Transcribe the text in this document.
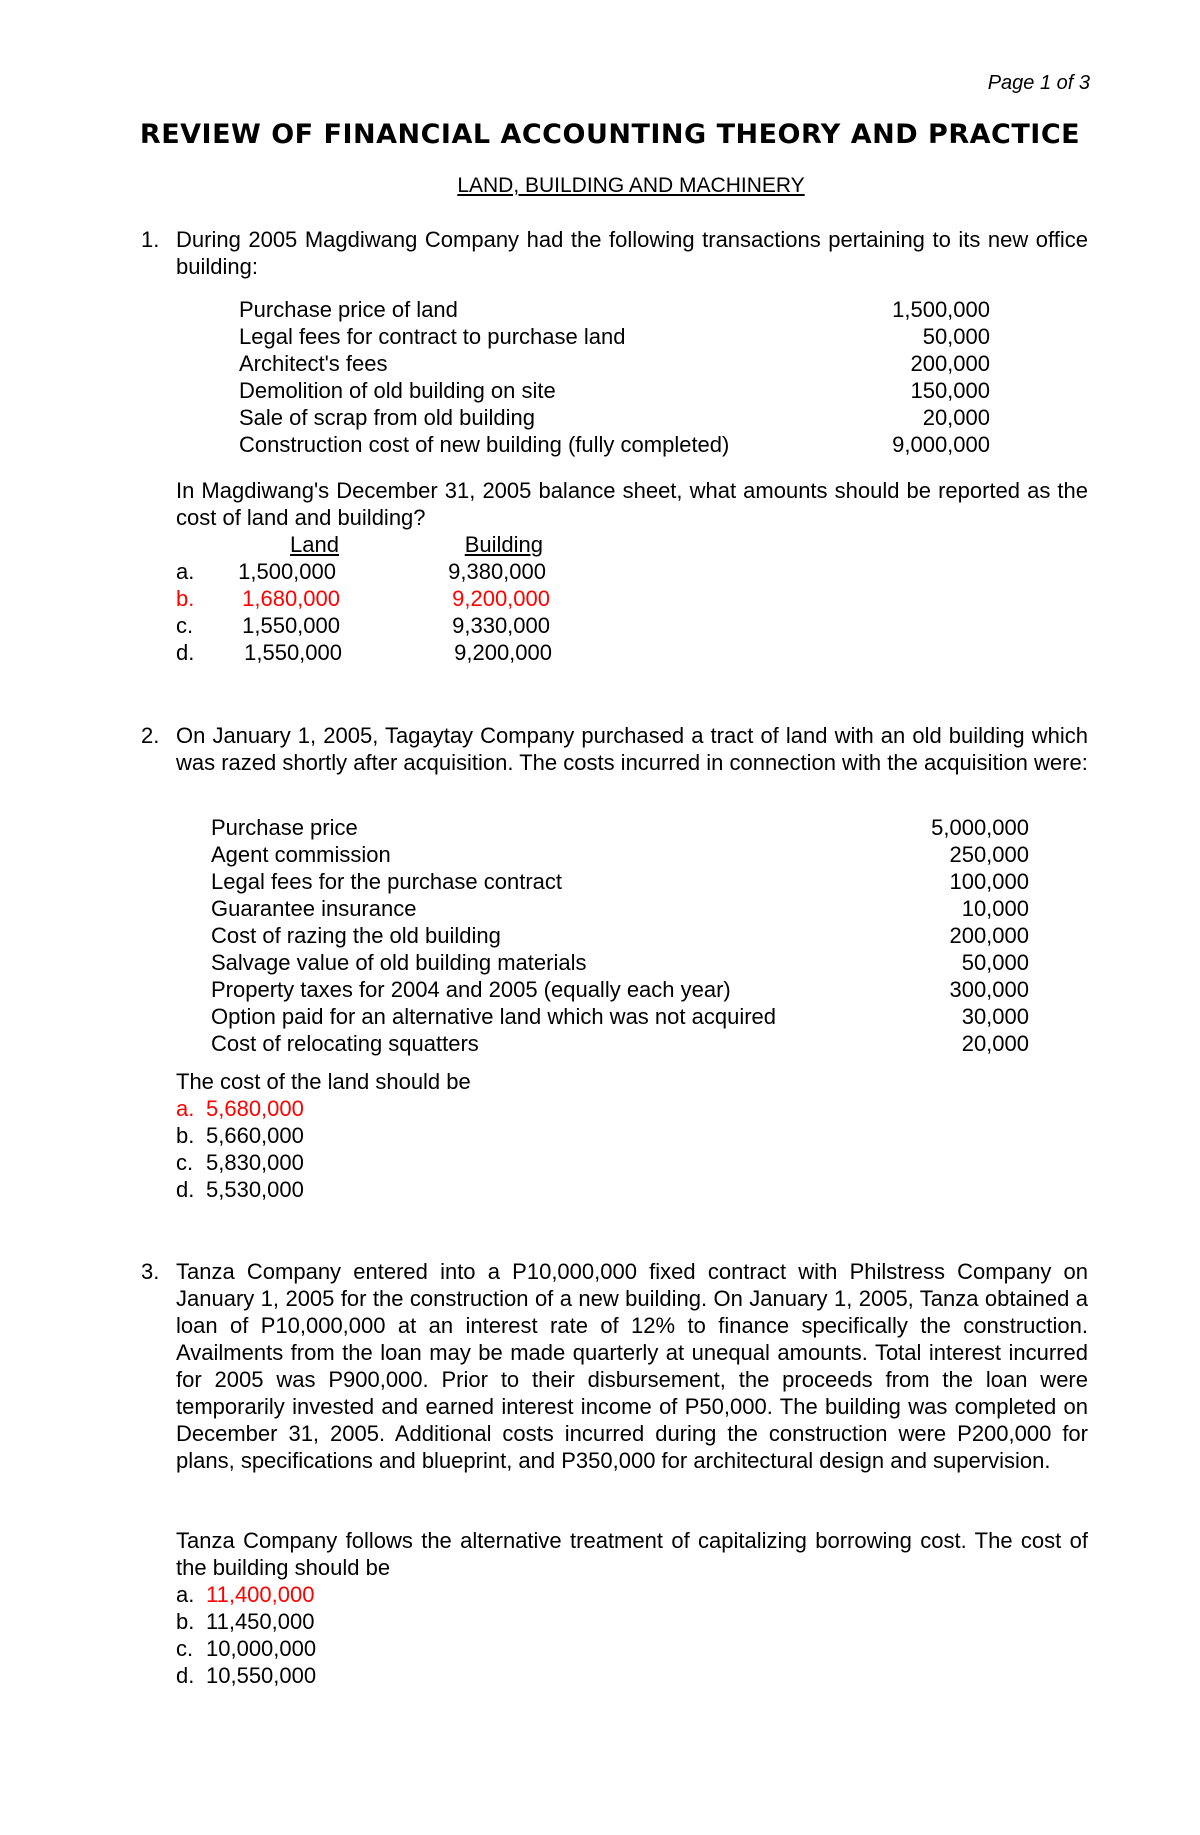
Page 1 of 3
REVIEW OF FINANCIAL ACCOUNTING THEORY AND PRACTICE
LAND, BUILDING AND MACHINERY
1. During 2005 Magdiwang Company had the following transactions pertaining to its new office building:
Purchase price of land	1,500,000
Legal fees for contract to purchase land	50,000
Architect's fees	200,000
Demolition of old building on site	150,000
Sale of scrap from old building	20,000
Construction cost of new building (fully completed)	9,000,000
In Magdiwang's December 31, 2005 balance sheet, what amounts should be reported as the cost of land and building?
Land	Building
a.	1,500,000	9,380,000
b.	1,680,000	9,200,000
c.	1,550,000	9,330,000
d.	1,550,000	9,200,000
2. On January 1, 2005, Tagaytay Company purchased a tract of land with an old building which was razed shortly after acquisition. The costs incurred in connection with the acquisition were:
Purchase price	5,000,000
Agent commission	250,000
Legal fees for the purchase contract	100,000
Guarantee insurance	10,000
Cost of razing the old building	200,000
Salvage value of old building materials	50,000
Property taxes for 2004 and 2005 (equally each year)	300,000
Option paid for an alternative land which was not acquired	30,000
Cost of relocating squatters	20,000
The cost of the land should be
a. 5,680,000
b. 5,660,000
c. 5,830,000
d. 5,530,000
3. Tanza Company entered into a P10,000,000 fixed contract with Philstress Company on January 1, 2005 for the construction of a new building. On January 1, 2005, Tanza obtained a loan of P10,000,000 at an interest rate of 12% to finance specifically the construction. Availments from the loan may be made quarterly at unequal amounts. Total interest incurred for 2005 was P900,000. Prior to their disbursement, the proceeds from the loan were temporarily invested and earned interest income of P50,000. The building was completed on December 31, 2005. Additional costs incurred during the construction were P200,000 for plans, specifications and blueprint, and P350,000 for architectural design and supervision.
Tanza Company follows the alternative treatment of capitalizing borrowing cost. The cost of the building should be
a. 11,400,000
b. 11,450,000
c. 10,000,000
d. 10,550,000
